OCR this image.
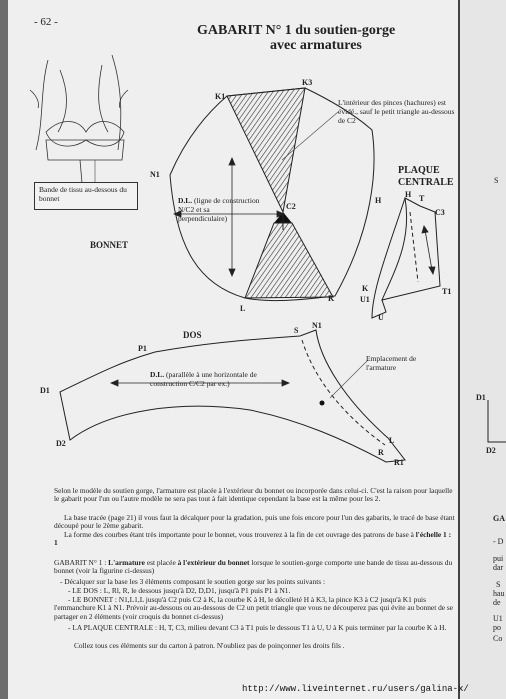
- 62 -
GABARIT N° 1 du soutien-gorge
avec armatures
Bande de tissu au-dessous du bonnet
L'intérieur des pinces (hachures) est évidé., sauf le petit triangle au-dessous de C2
BONNET
PLAQUE
CENTRALE
DOS
D.L. (ligne de construction N/C2 et sa perpendiculaire)
D.L. (parallèle à une horizontale de construction C/C2 par ex.)
Emplacement de l'armature
K1
K3
N1
H
C2
L
K
H T
C3
T1
K
U1
U
P1
D1
D2
S
N1
L
R
R1
Selon le modèle du soutien gorge, l'armature est placée à l'extérieur du bonnet ou incorporée dans celui-ci. C'est la raison pour laquelle le gabarit pour l'un ou l'autre modèle ne sera pas tout à fait identique cependant la base est la même pour les 2.
La base tracée (page 21) il vous faut la décalquer pour la gradation, puis une fois encore pour l'un des gabarits, le tracé de base étant découpé pour le 2ème gabarit.
La forme des courbes étant très importante pour le bonnet, vous trouverez à la fin de cet ouvrage des patrons de base à l'échelle 1 : 1
GABARIT N° 1 : L'armature est placée à l'extérieur du bonnet lorsque le soutien-gorge comporte une bande de tissu au-dessous du bonnet (voir la figurine ci-dessus)
- Décalquer sur la base les 3 éléments composant le soutien gorge sur les points suivants :
- LE DOS : L, Rl, R, le dessous jusqu'à D2, D,D1, jusqu'à P1 puis P1 à N1.
- LE BONNET : N1,L1,L jusqu'à C2 puis C2 à K, la courbe K à H, le décolleté H à K3, la pince K3 à C2 jusqu'à K1 puis l'emmanchure K1 à N1. Prévoir au-dessous ou au-dessous de C2 un petit triangle que vous ne découperez pas qui évite au bonnet de se partager en 2 éléments (voir croquis du bonnet ci-dessus)
- LA PLAQUE CENTRALE : H, T, C3, milieu devant C3 à T1 puis le dessous T1 à U, U à K puis terminer par la courbe K à H.
Collez tous ces éléments sur du carton à patron. N'oubliez pas de poinçonner les droits fils .
S
D1
D2
GA
- D
pui
dar
S
hau
de
U1
po
Co
http://www.liveinternet.ru/users/galina-x/
